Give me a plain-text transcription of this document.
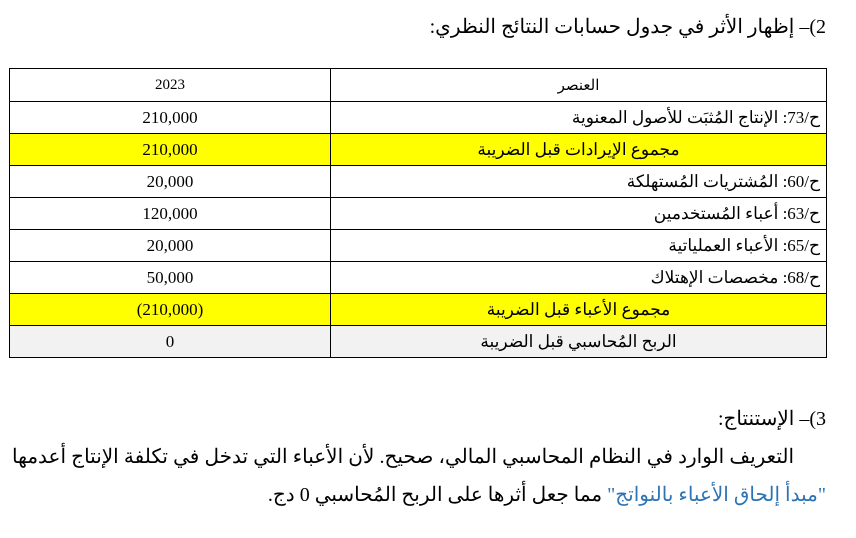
2)– إظهار الأثر في جدول حسابات النتائج النظري:
العنصر	2023
ح/73: الإنتاج المُثبَت للأصول المعنوية	210,000
مجموع الإيرادات قبل الضريبة	210,000
ح/60: المُشتريات المُستهلكة	20,000
ح/63: أعباء المُستخدمين	120,000
ح/65: الأعباء العملياتية	20,000
ح/68: مخصصات الإهتلاك	50,000
مجموع الأعباء قبل الضريبة	(210,000)
الربح المُحاسبي قبل الضريبة	0
3)– الإستنتاج:
التعريف الوارد في النظام المحاسبي المالي، صحيح. لأن الأعباء التي تدخل في تكلفة الإنتاج أعدمها "مبدأ إلحاق الأعباء بالنواتج" مما جعل أثرها على الربح المُحاسبي 0 دج.
